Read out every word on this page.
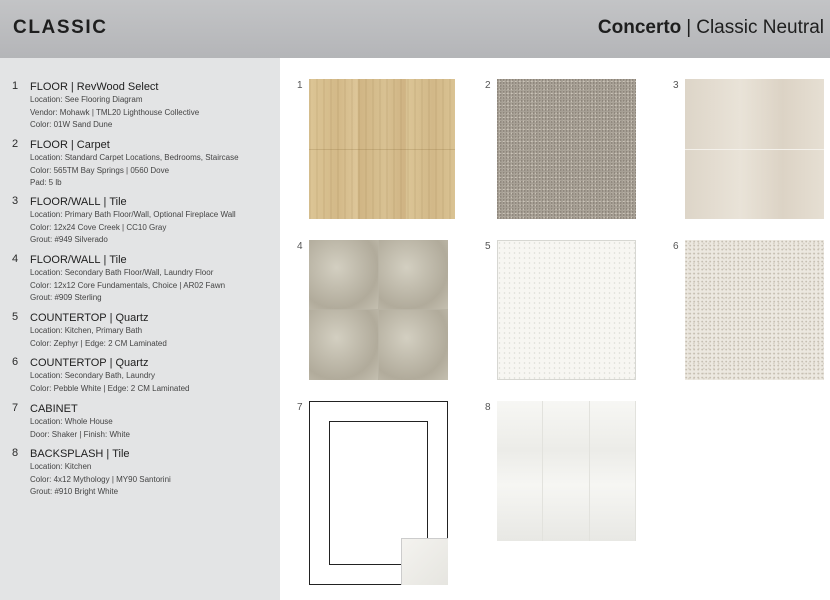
CLASSIC	Concerto | Classic Neutral
1 FLOOR | RevWood Select
Location: See Flooring Diagram
Vendor: Mohawk | TML20 Lighthouse Collective
Color: 01W Sand Dune
2 FLOOR | Carpet
Location: Standard Carpet Locations, Bedrooms, Staircase
Color: 565TM Bay Springs | 0560 Dove
Pad: 5 lb
3 FLOOR/WALL | Tile
Location: Primary Bath Floor/Wall, Optional Fireplace Wall
Color: 12x24 Cove Creek | CC10 Gray
Grout: #949 Silverado
4 FLOOR/WALL | Tile
Location: Secondary Bath Floor/Wall, Laundry Floor
Color: 12x12 Core Fundamentals, Choice | AR02 Fawn
Grout: #909 Sterling
5 COUNTERTOP | Quartz
Location: Kitchen, Primary Bath
Color: Zephyr | Edge: 2 CM Laminated
6 COUNTERTOP | Quartz
Location: Secondary Bath, Laundry
Color: Pebble White | Edge: 2 CM Laminated
7 CABINET
Location: Whole House
Door: Shaker | Finish: White
8 BACKSPLASH | Tile
Location: Kitchen
Color: 4x12 Mythology | MY90 Santorini
Grout: #910 Bright White
1	2	3
4	5	6
7	8
